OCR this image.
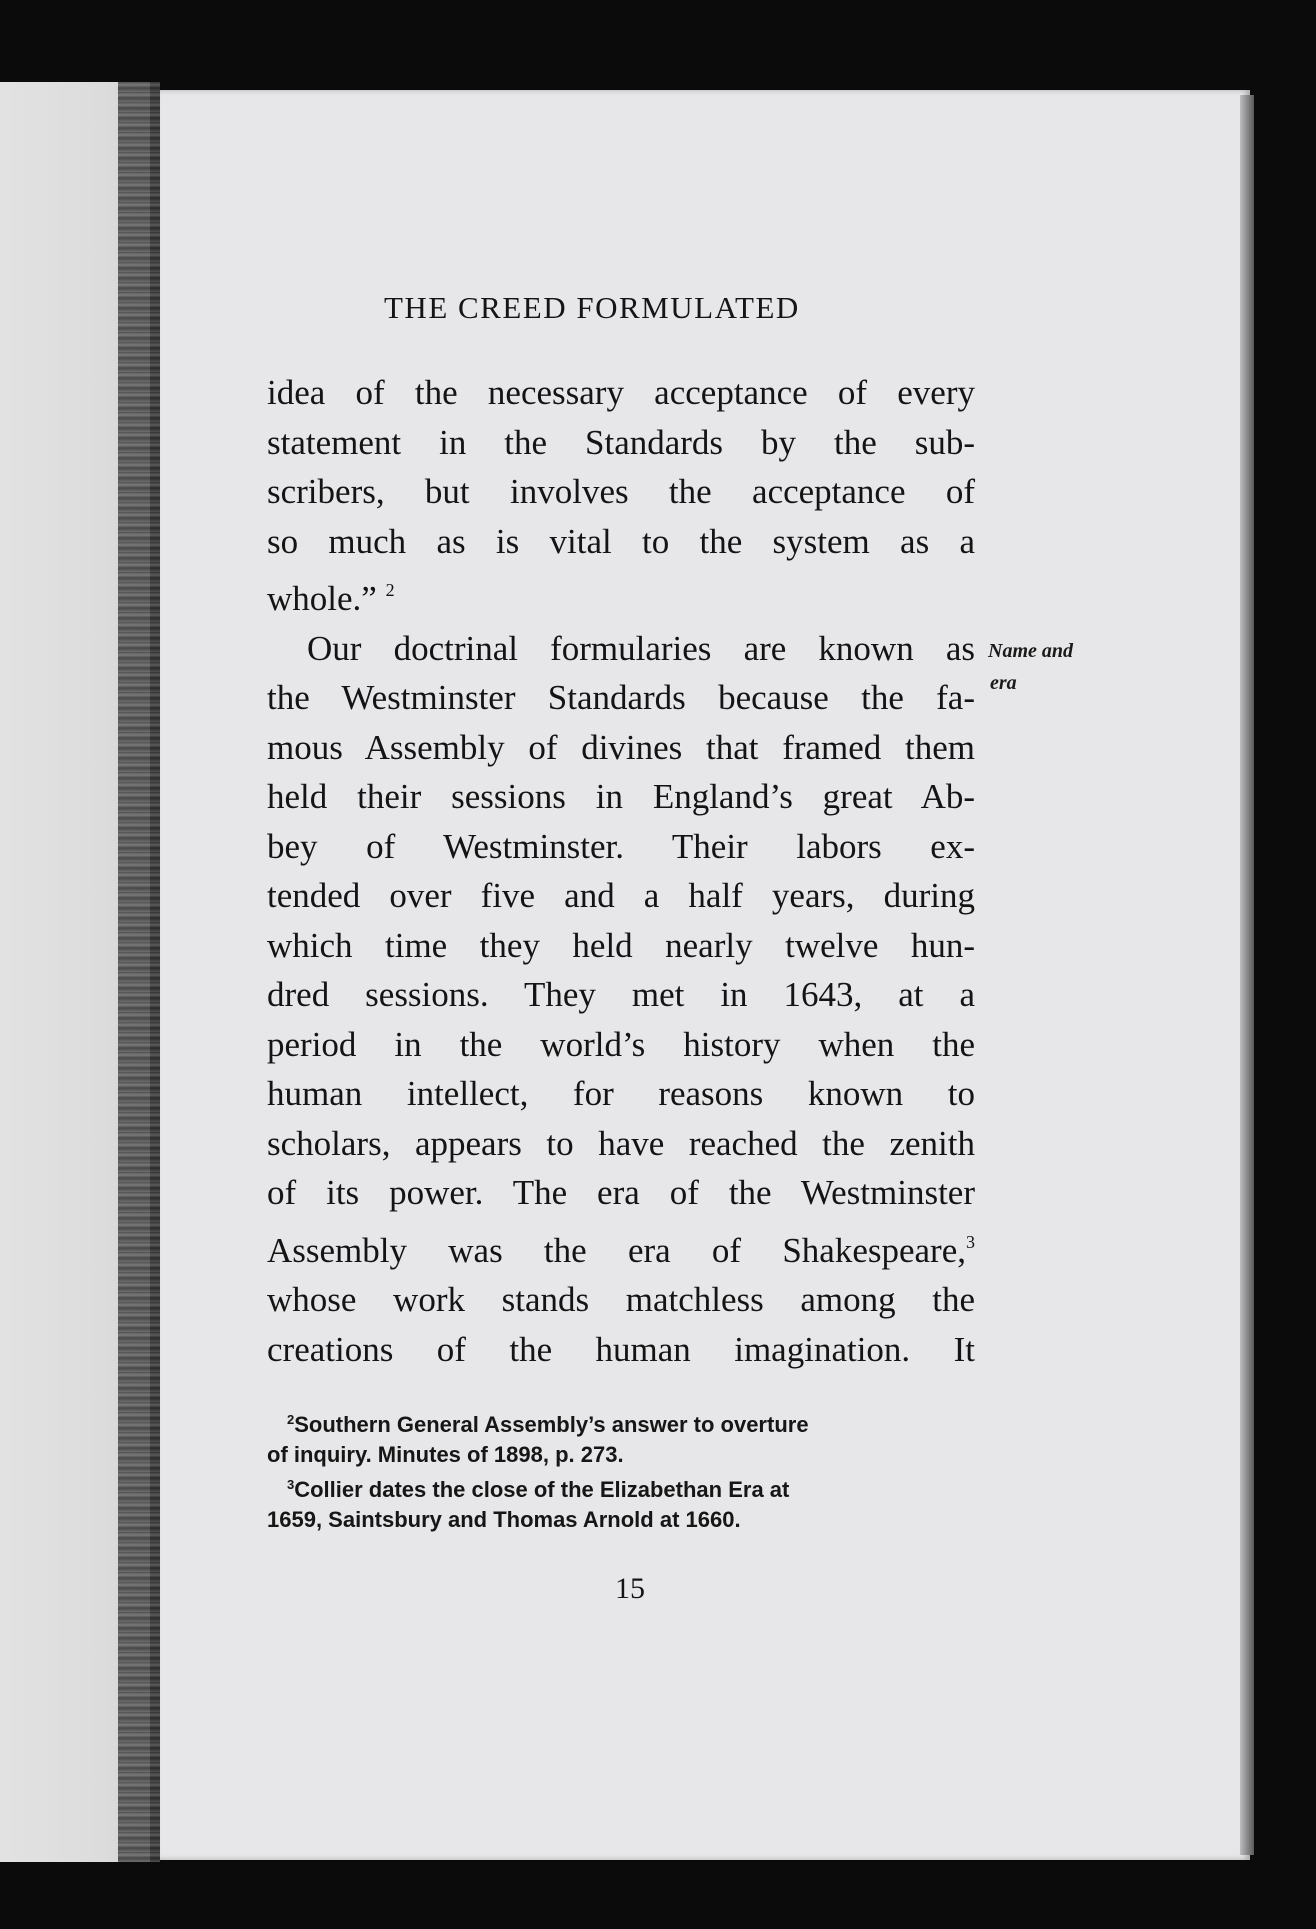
THE CREED FORMULATED
idea of the necessary acceptance of every
statement in the Standards by the sub-
scribers, but involves the acceptance of
so much as is vital to the system as a
whole.” $^2$
Our doctrinal formularies are known as
the Westminster Standards because the fa-
mous Assembly of divines that framed them
held their sessions in England’s great Ab-
bey of Westminster. Their labors ex-
tended over five and a half years, during
which time they held nearly twelve hun-
dred sessions. They met in 1643, at a
period in the world’s history when the
human intellect, for reasons known to
scholars, appears to have reached the zenith
of its power. The era of the Westminster
Assembly was the era of Shakespeare,$^3$
whose work stands matchless among the
creations of the human imagination. It
Name and
era
$^2$Southern General Assembly’s answer to overture
of inquiry. Minutes of 1898, p. 273.
$^3$Collier dates the close of the Elizabethan Era at
1659, Saintsbury and Thomas Arnold at 1660.
15
